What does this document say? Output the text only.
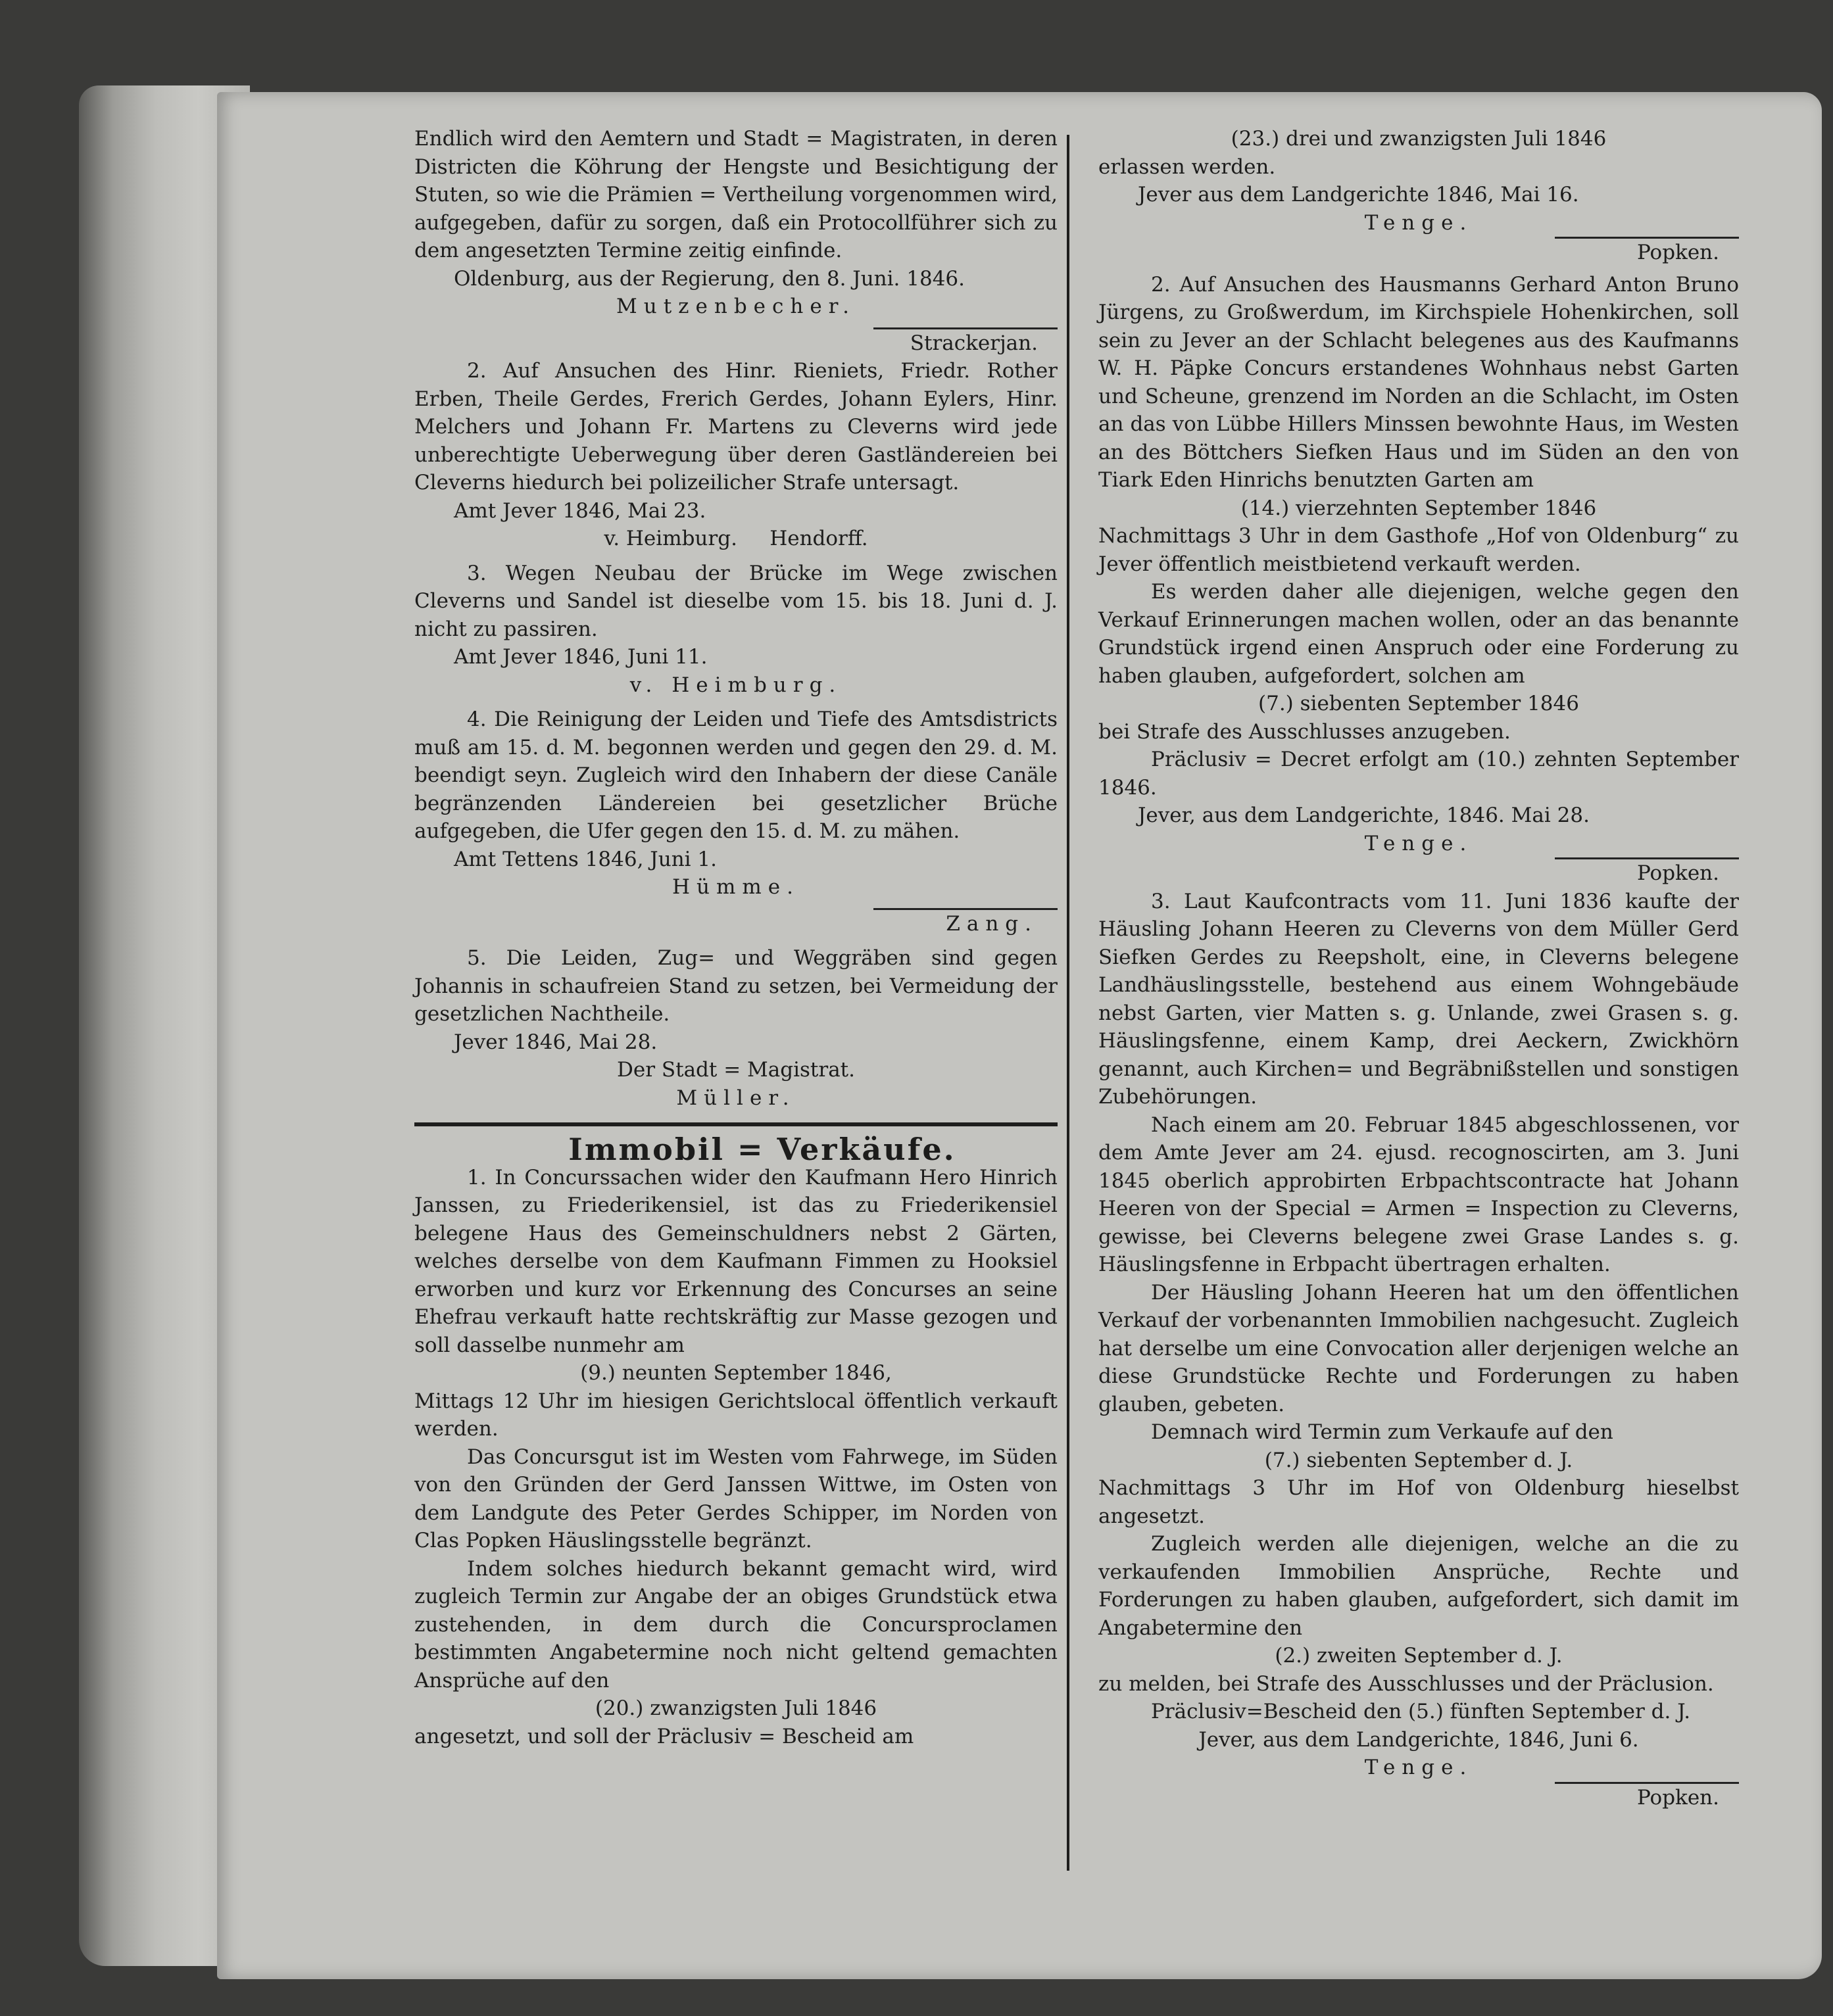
Endlich wird den Aemtern und Stadt = Magistraten, in deren Districten die Köhrung der Hengste und Besichtigung der Stuten, so wie die Prämien = Vertheilung vorgenommen wird, aufgegeben, dafür zu sorgen, daß ein Protocollführer sich zu dem angesetzten Termine zeitig einfinde.

Oldenburg, aus der Regierung, den 8. Juni. 1846.

Mutzenbecher.

Strackerjan.

2. Auf Ansuchen des Hinr. Rieniets, Friedr. Rother Erben, Theile Gerdes, Frerich Gerdes, Johann Eylers, Hinr. Melchers und Johann Fr. Martens zu Cleverns wird jede unberechtigte Ueberwegung über deren Gastländereien bei Cleverns hiedurch bei polizeilicher Strafe untersagt.

Amt Jever 1846, Mai 23.

v. Heimburg.     Hendorff.

3. Wegen Neubau der Brücke im Wege zwischen Cleverns und Sandel ist dieselbe vom 15. bis 18. Juni d. J. nicht zu passiren.

Amt Jever 1846, Juni 11.

v. Heimburg.

4. Die Reinigung der Leiden und Tiefe des Amtsdistricts muß am 15. d. M. begonnen werden und gegen den 29. d. M. beendigt seyn. Zugleich wird den Inhabern der diese Canäle begränzenden Ländereien bei gesetzlicher Brüche aufgegeben, die Ufer gegen den 15. d. M. zu mähen.

Amt Tettens 1846, Juni 1.

Hümme.

Zang.

5. Die Leiden, Zug= und Weggräben sind gegen Johannis in schaufreien Stand zu setzen, bei Vermeidung der gesetzlichen Nachtheile.

Jever 1846, Mai 28.

Der Stadt = Magistrat.

Müller.

Immobil = Verkäufe.

1. In Concurssachen wider den Kaufmann Hero Hinrich Janssen, zu Friederikensiel, ist das zu Friederikensiel belegene Haus des Gemeinschuldners nebst 2 Gärten, welches derselbe von dem Kaufmann Fimmen zu Hooksiel erworben und kurz vor Erkennung des Concurses an seine Ehefrau verkauft hatte rechtskräftig zur Masse gezogen und soll dasselbe nunmehr am

(9.) neunten September 1846,

Mittags 12 Uhr im hiesigen Gerichtslocal öffentlich verkauft werden.

Das Concursgut ist im Westen vom Fahrwege, im Süden von den Gründen der Gerd Janssen Wittwe, im Osten von dem Landgute des Peter Gerdes Schipper, im Norden von Clas Popken Häuslingsstelle begränzt.

Indem solches hiedurch bekannt gemacht wird, wird zugleich Termin zur Angabe der an obiges Grundstück etwa zustehenden, in dem durch die Concursproclamen bestimmten Angabetermine noch nicht geltend gemachten Ansprüche auf den

(20.) zwanzigsten Juli 1846

angesetzt, und soll der Präclusiv = Bescheid am

(23.) drei und zwanzigsten Juli 1846

erlassen werden.

Jever aus dem Landgerichte 1846, Mai 16.

Tenge.

Popken.

2. Auf Ansuchen des Hausmanns Gerhard Anton Bruno Jürgens, zu Großwerdum, im Kirchspiele Hohenkirchen, soll sein zu Jever an der Schlacht belegenes aus des Kaufmanns W. H. Päpke Concurs erstandenes Wohnhaus nebst Garten und Scheune, grenzend im Norden an die Schlacht, im Osten an das von Lübbe Hillers Minssen bewohnte Haus, im Westen an des Böttchers Siefken Haus und im Süden an den von Tiark Eden Hinrichs benutzten Garten am

(14.) vierzehnten September 1846

Nachmittags 3 Uhr in dem Gasthofe „Hof von Oldenburg“ zu Jever öffentlich meistbietend verkauft werden.

Es werden daher alle diejenigen, welche gegen den Verkauf Erinnerungen machen wollen, oder an das benannte Grundstück irgend einen Anspruch oder eine Forderung zu haben glauben, aufgefordert, solchen am

(7.) siebenten September 1846

bei Strafe des Ausschlusses anzugeben.

Präclusiv = Decret erfolgt am (10.) zehnten September 1846.

Jever, aus dem Landgerichte, 1846. Mai 28.

Tenge.

Popken.

3. Laut Kaufcontracts vom 11. Juni 1836 kaufte der Häusling Johann Heeren zu Cleverns von dem Müller Gerd Siefken Gerdes zu Reepsholt, eine, in Cleverns belegene Landhäuslingsstelle, bestehend aus einem Wohngebäude nebst Garten, vier Matten s. g. Unlande, zwei Grasen s. g. Häuslingsfenne, einem Kamp, drei Aeckern, Zwickhörn genannt, auch Kirchen= und Begräbnißstellen und sonstigen Zubehörungen.

Nach einem am 20. Februar 1845 abgeschlossenen, vor dem Amte Jever am 24. ejusd. recognoscirten, am 3. Juni 1845 oberlich approbirten Erbpachtscontracte hat Johann Heeren von der Special = Armen = Inspection zu Cleverns, gewisse, bei Cleverns belegene zwei Grase Landes s. g. Häuslingsfenne in Erbpacht übertragen erhalten.

Der Häusling Johann Heeren hat um den öffentlichen Verkauf der vorbenannten Immobilien nachgesucht. Zugleich hat derselbe um eine Convocation aller derjenigen welche an diese Grundstücke Rechte und Forderungen zu haben glauben, gebeten.

Demnach wird Termin zum Verkaufe auf den

(7.) siebenten September d. J.

Nachmittags 3 Uhr im Hof von Oldenburg hieselbst angesetzt.

Zugleich werden alle diejenigen, welche an die zu verkaufenden Immobilien Ansprüche, Rechte und Forderungen zu haben glauben, aufgefordert, sich damit im Angabetermine den

(2.) zweiten September d. J.

zu melden, bei Strafe des Ausschlusses und der Präclusion.

Präclusiv=Bescheid den (5.) fünften September d. J.

Jever, aus dem Landgerichte, 1846, Juni 6.

Tenge.

Popken.
